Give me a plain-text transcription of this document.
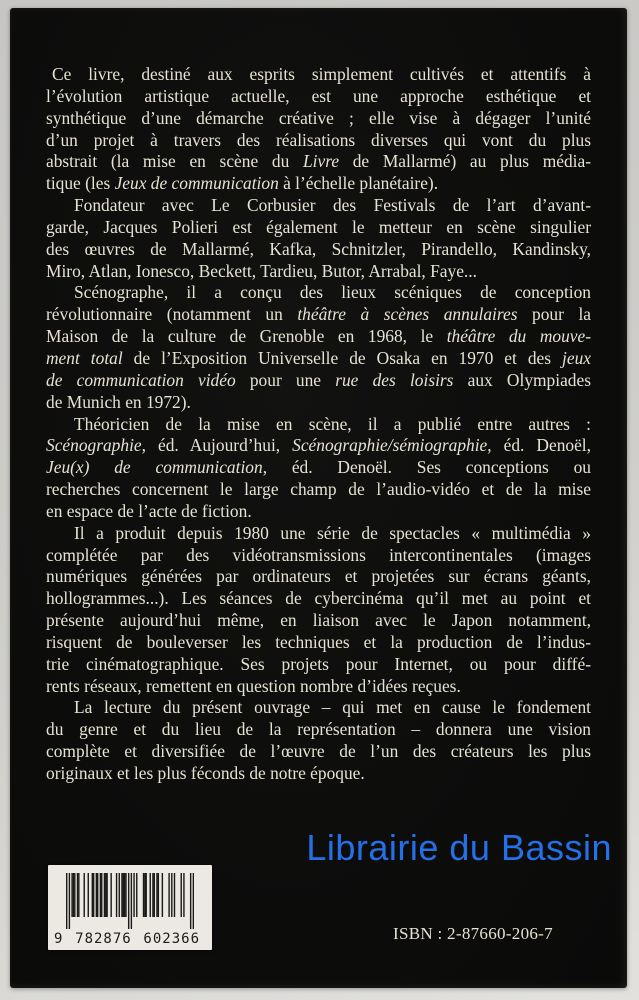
Ce livre, destiné aux esprits simplement cultivés et attentifs à
l’évolution artistique actuelle, est une approche esthétique et
synthétique d’une démarche créative ; elle vise à dégager l’unité
d’un projet à travers des réalisations diverses qui vont du plus
abstrait (la mise en scène du Livre de Mallarmé) au plus média-
tique (les Jeux de communication à l’échelle planétaire).
Fondateur avec Le Corbusier des Festivals de l’art d’avant-
garde, Jacques Polieri est également le metteur en scène singulier
des œuvres de Mallarmé, Kafka, Schnitzler, Pirandello, Kandinsky,
Miro, Atlan, Ionesco, Beckett, Tardieu, Butor, Arrabal, Faye...
Scénographe, il a conçu des lieux scéniques de conception
révolutionnaire (notamment un théâtre à scènes annulaires pour la
Maison de la culture de Grenoble en 1968, le théâtre du mouve-
ment total de l’Exposition Universelle de Osaka en 1970 et des jeux
de communication vidéo pour une rue des loisirs aux Olympiades
de Munich en 1972).
Théoricien de la mise en scène, il a publié entre autres :
Scénographie, éd. Aujourd’hui, Scénographie/sémiographie, éd. Denoël,
Jeu(x) de communication, éd. Denoël. Ses conceptions ou
recherches concernent le large champ de l’audio-vidéo et de la mise
en espace de l’acte de fiction.
Il a produit depuis 1980 une série de spectacles « multimédia »
complétée par des vidéotransmissions intercontinentales (images
numériques générées par ordinateurs et projetées sur écrans géants,
hollogrammes...). Les séances de cybercinéma qu’il met au point et
présente aujourd’hui même, en liaison avec le Japon notamment,
risquent de bouleverser les techniques et la production de l’indus-
trie cinématographique. Ses projets pour Internet, ou pour diffé-
rents réseaux, remettent en question nombre d’idées reçues.
La lecture du présent ouvrage – qui met en cause le fondement
du genre et du lieu de la représentation – donnera une vision
complète et diversifiée de l’œuvre de l’un des créateurs les plus
originaux et les plus féconds de notre époque.
Librairie du Bassin
9 782876 602366	ISBN : 2-87660-206-7
